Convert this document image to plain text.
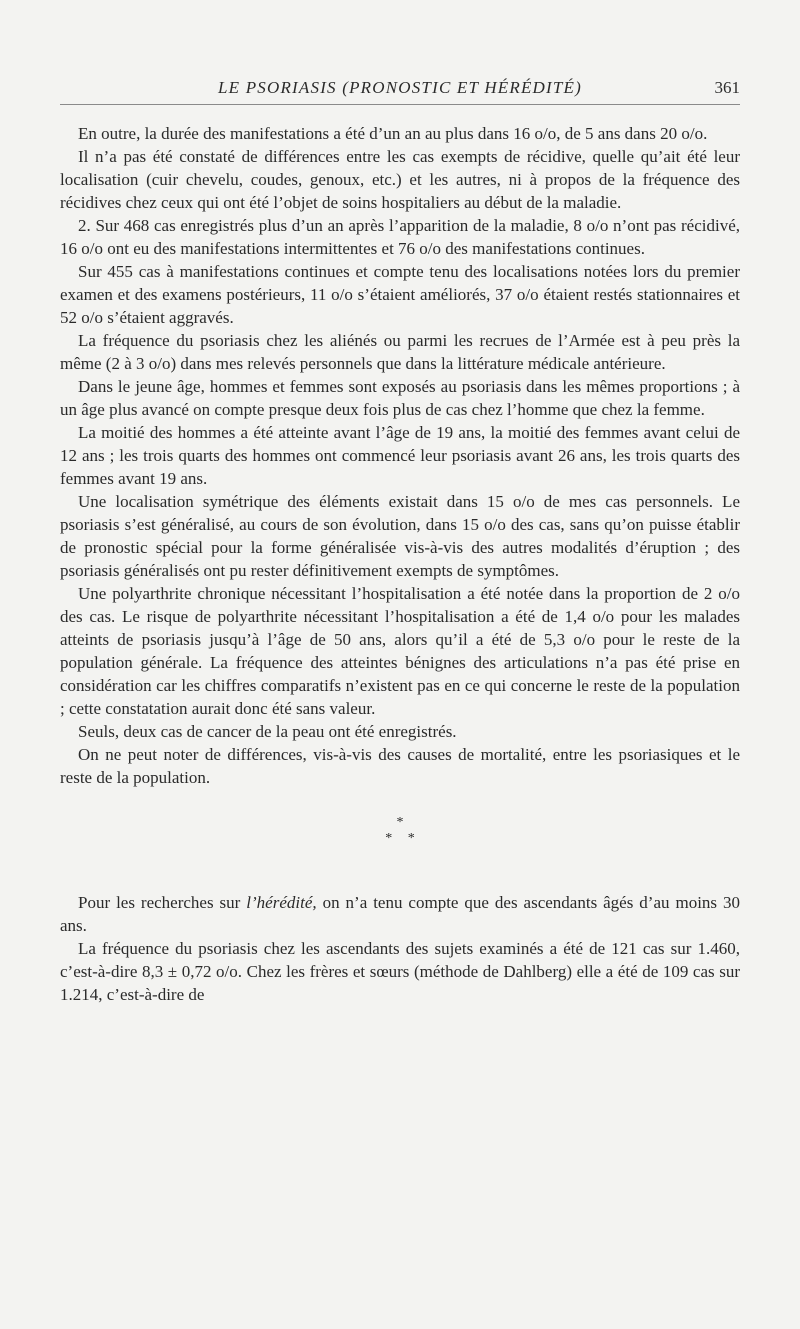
LE PSORIASIS (PRONOSTIC ET HÉRÉDITÉ)	361

En outre, la durée des manifestations a été d’un an au plus dans 16 o/o, de 5 ans dans 20 o/o.

Il n’a pas été constaté de différences entre les cas exempts de récidive, quelle qu’ait été leur localisation (cuir chevelu, coudes, genoux, etc.) et les autres, ni à propos de la fréquence des récidives chez ceux qui ont été l’objet de soins hospitaliers au début de la maladie.

2. Sur 468 cas enregistrés plus d’un an après l’apparition de la maladie, 8 o/o n’ont pas récidivé, 16 o/o ont eu des manifestations intermittentes et 76 o/o des manifestations continues.

Sur 455 cas à manifestations continues et compte tenu des localisations notées lors du premier examen et des examens postérieurs, 11 o/o s’étaient améliorés, 37 o/o étaient restés stationnaires et 52 o/o s’étaient aggravés.

La fréquence du psoriasis chez les aliénés ou parmi les recrues de l’Armée est à peu près la même (2 à 3 o/o) dans mes relevés personnels que dans la littérature médicale antérieure.

Dans le jeune âge, hommes et femmes sont exposés au psoriasis dans les mêmes proportions ; à un âge plus avancé on compte presque deux fois plus de cas chez l’homme que chez la femme.

La moitié des hommes a été atteinte avant l’âge de 19 ans, la moitié des femmes avant celui de 12 ans ; les trois quarts des hommes ont commencé leur psoriasis avant 26 ans, les trois quarts des femmes avant 19 ans.

Une localisation symétrique des éléments existait dans 15 o/o de mes cas personnels. Le psoriasis s’est généralisé, au cours de son évolution, dans 15 o/o des cas, sans qu’on puisse établir de pronostic spécial pour la forme généralisée vis-à-vis des autres modalités d’éruption ; des psoriasis généralisés ont pu rester définitivement exempts de symptômes.

Une polyarthrite chronique nécessitant l’hospitalisation a été notée dans la proportion de 2 o/o des cas. Le risque de polyarthrite nécessitant l’hospitalisation a été de 1,4 o/o pour les malades atteints de psoriasis jusqu’à l’âge de 50 ans, alors qu’il a été de 5,3 o/o pour le reste de la population générale. La fréquence des atteintes bénignes des articulations n’a pas été prise en considération car les chiffres comparatifs n’existent pas en ce qui concerne le reste de la population ; cette constatation aurait donc été sans valeur.

Seuls, deux cas de cancer de la peau ont été enregistrés.

On ne peut noter de différences, vis-à-vis des causes de mortalité, entre les psoriasiques et le reste de la population.

*
* *

Pour les recherches sur l’hérédité, on n’a tenu compte que des ascendants âgés d’au moins 30 ans.

La fréquence du psoriasis chez les ascendants des sujets examinés a été de 121 cas sur 1.460, c’est-à-dire 8,3 ± 0,72 o/o. Chez les frères et sœurs (méthode de Dahlberg) elle a été de 109 cas sur 1.214, c’est-à-dire de
